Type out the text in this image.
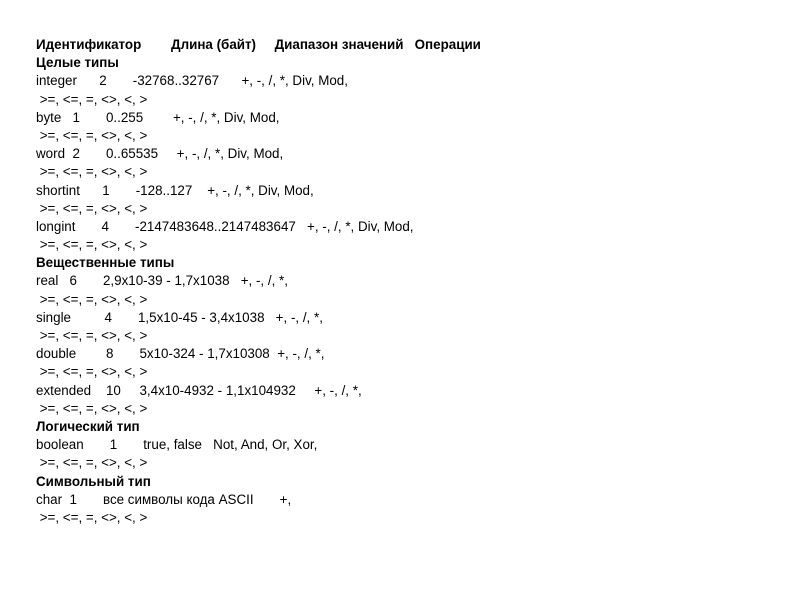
Идентификатор        Длина (байт)     Диапазон значений   Операции
Целые типы
integer      2       -32768..32767      +, -, /, *, Div, Mod,
>=, <=, =, <>, <, >
byte   1       0..255        +, -, /, *, Div, Mod,
>=, <=, =, <>, <, >
word  2       0..65535     +, -, /, *, Div, Mod,
>=, <=, =, <>, <, >
shortint      1       -128..127    +, -, /, *, Div, Mod,
>=, <=, =, <>, <, >
longint       4       -2147483648..2147483647   +, -, /, *, Div, Mod,
>=, <=, =, <>, <, >
Вещественные типы
real   6       2,9x10-39 - 1,7x1038   +, -, /, *,
>=, <=, =, <>, <, >
single         4       1,5x10-45 - 3,4x1038   +, -, /, *,
>=, <=, =, <>, <, >
double        8       5x10-324 - 1,7x10308  +, -, /, *,
>=, <=, =, <>, <, >
extended    10     3,4x10-4932 - 1,1x104932     +, -, /, *,
>=, <=, =, <>, <, >
Логический тип
boolean       1       true, false   Not, And, Or, Xor,
>=, <=, =, <>, <, >
Символьный тип
char  1       все символы кода ASCII       +,
>=, <=, =, <>, <, >
